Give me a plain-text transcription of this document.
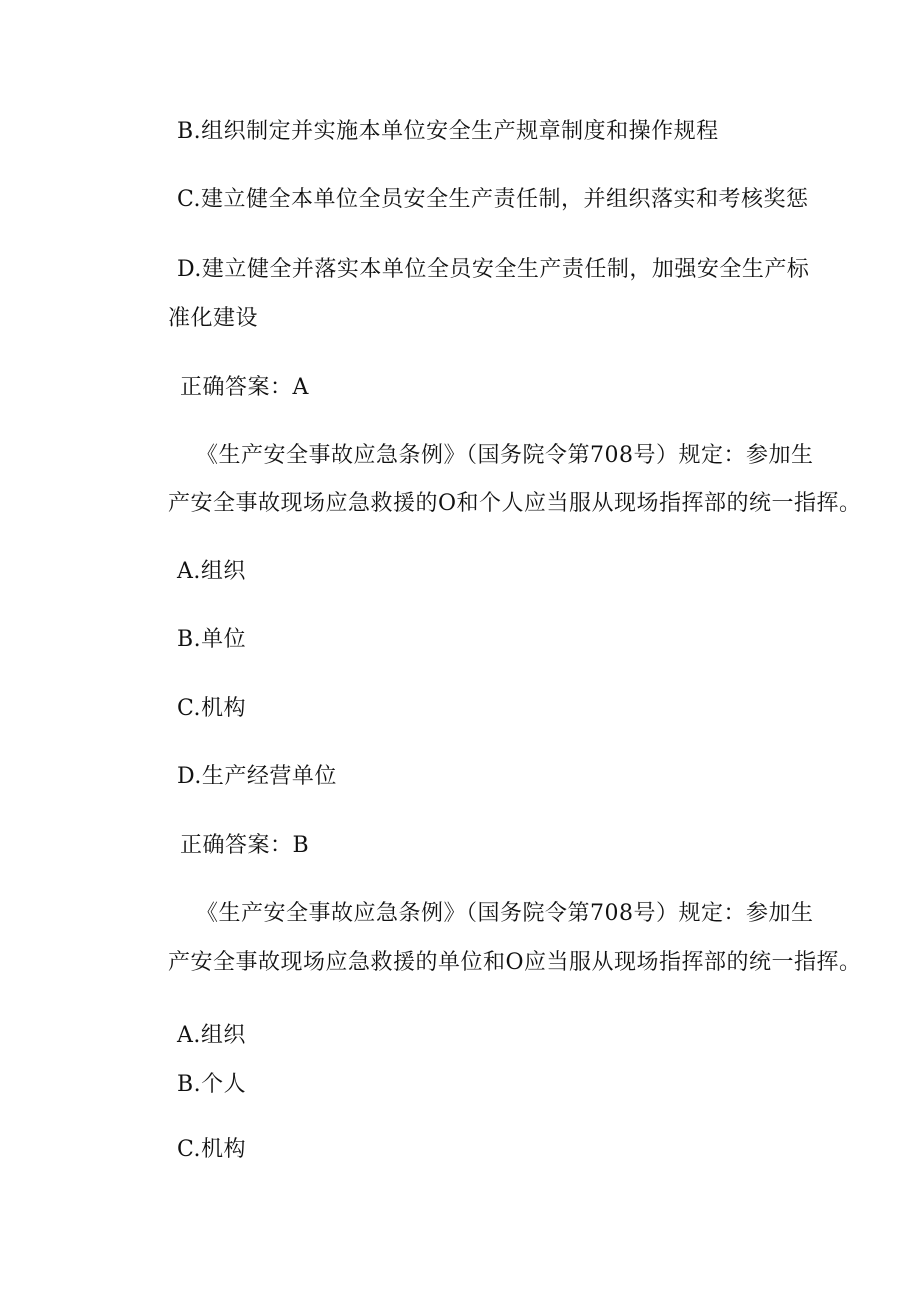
B.组织制定并实施本单位安全生产规章制度和操作规程

C.建立健全本单位全员安全生产责任制，并组织落实和考核奖惩

D.建立健全并落实本单位全员安全生产责任制，加强安全生产标

准化建设

正确答案：A

《生产安全事故应急条例》（国务院令第708号）规定：参加生

产安全事故现场应急救援的O和个人应当服从现场指挥部的统一指挥。

A.组织

B.单位

C.机构

D.生产经营单位

正确答案：B

《生产安全事故应急条例》（国务院令第708号）规定：参加生

产安全事故现场应急救援的单位和O应当服从现场指挥部的统一指挥。

A.组织

B.个人

C.机构
